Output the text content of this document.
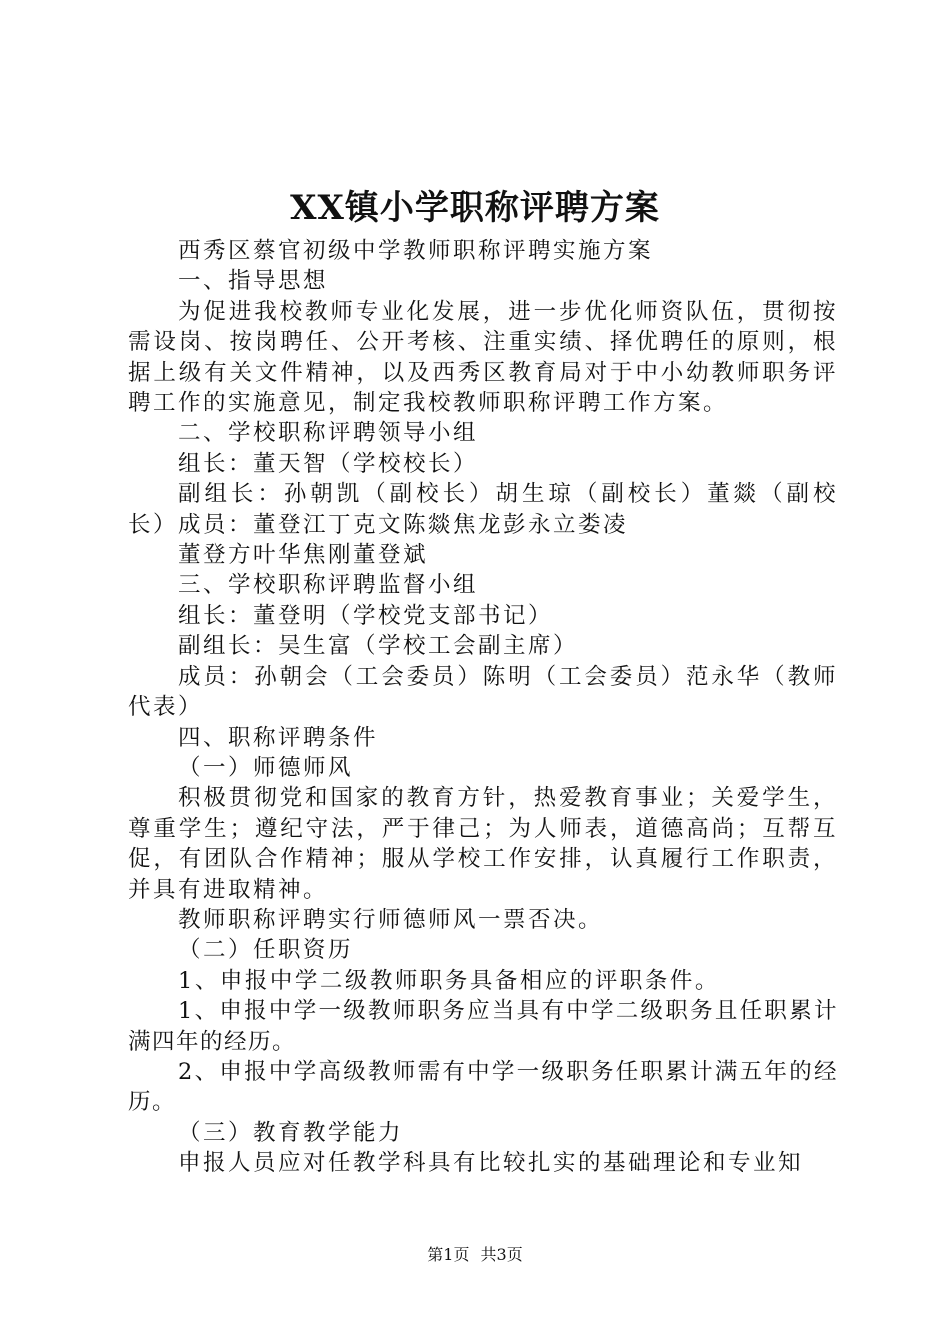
XX镇小学职称评聘方案

西秀区蔡官初级中学教师职称评聘实施方案

一、指导思想

为促进我校教师专业化发展，进一步优化师资队伍，贯彻按需设岗、按岗聘任、公开考核、注重实绩、择优聘任的原则，根据上级有关文件精神，以及西秀区教育局对于中小幼教师职务评聘工作的实施意见，制定我校教师职称评聘工作方案。

二、学校职称评聘领导小组

组长：董天智（学校校长）

副组长：孙朝凯（副校长）胡生琼（副校长）董燚（副校长）成员：董登江丁克文陈燚焦龙彭永立娄凌

董登方叶华焦刚董登斌

三、学校职称评聘监督小组

组长：董登明（学校党支部书记）

副组长：吴生富（学校工会副主席）

成员：孙朝会（工会委员）陈明（工会委员）范永华（教师代表）

四、职称评聘条件

（一）师德师风

积极贯彻党和国家的教育方针，热爱教育事业；关爱学生，尊重学生；遵纪守法，严于律己；为人师表，道德高尚；互帮互促，有团队合作精神；服从学校工作安排，认真履行工作职责，并具有进取精神。

教师职称评聘实行师德师风一票否决。

（二）任职资历

1、申报中学二级教师职务具备相应的评职条件。

1、申报中学一级教师职务应当具有中学二级职务且任职累计满四年的经历。

2、申报中学高级教师需有中学一级职务任职累计满五年的经历。

（三）教育教学能力

申报人员应对任教学科具有比较扎实的基础理论和专业知

第1页 共3页
